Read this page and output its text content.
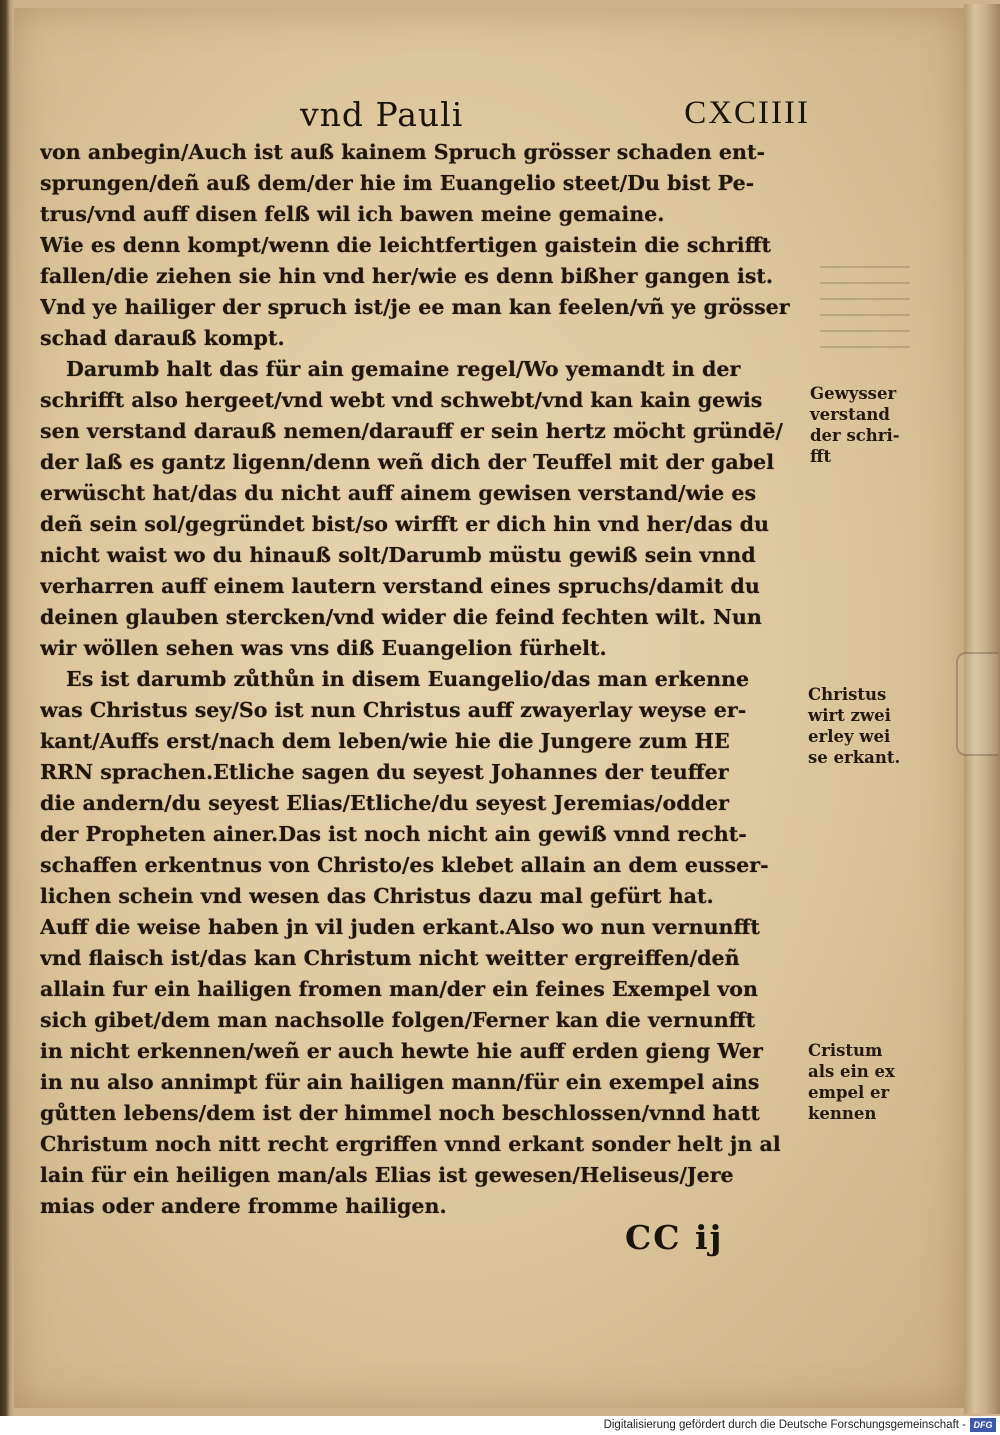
vnd Pauli	CXCIIII
von anbegin/Auch ist auß kainem Spruch grösser schaden ent-
sprungen/deñ auß dem/der hie im Euangelio steet/Du bist Pe-
trus/vnd auff disen felß wil ich bawen meine gemaine.
Wie es denn kompt/wenn die leichtfertigen gaistein die schrifft
fallen/die ziehen sie hin vnd her/wie es denn bißher gangen ist.
Vnd ye hailiger der spruch ist/je ee man kan feelen/vñ ye grösser
schad darauß kompt.
Darumb halt das für ain gemaine regel/Wo yemandt in der
schrifft also hergeet/vnd webt vnd schwebt/vnd kan kain gewis
sen verstand darauß nemen/darauff er sein hertz möcht gründē/
der laß es gantz ligenn/denn weñ dich der Teuffel mit der gabel
erwüscht hat/das du nicht auff ainem gewisen verstand/wie es
deñ sein sol/gegründet bist/so wirfft er dich hin vnd her/das du
nicht waist wo du hinauß solt/Darumb müstu gewiß sein vnnd
verharren auff einem lautern verstand eines spruchs/damit du
deinen glauben stercken/vnd wider die feind fechten wilt. Nun
wir wöllen sehen was vns diß Euangelion fürhelt.
Es ist darumb zůthůn in disem Euangelio/das man erkenne
was Christus sey/So ist nun Christus auff zwayerlay weyse er-
kant/Auffs erst/nach dem leben/wie hie die Jungere zum HE
RRN sprachen.Etliche sagen du seyest Johannes der teuffer
die andern/du seyest Elias/Etliche/du seyest Jeremias/odder
der Propheten ainer.Das ist noch nicht ain gewiß vnnd recht-
schaffen erkentnus von Christo/es klebet allain an dem eusser-
lichen schein vnd wesen das Christus dazu mal gefürt hat.
Auff die weise haben jn vil juden erkant.Also wo nun vernunfft
vnd flaisch ist/das kan Christum nicht weitter ergreiffen/deñ
allain fur ein hailigen fromen man/der ein feines Exempel von
sich gibet/dem man nachsolle folgen/Ferner kan die vernunfft
in nicht erkennen/weñ er auch hewte hie auff erden gieng Wer
in nu also annimpt für ain hailigen mann/für ein exempel ains
gůtten lebens/dem ist der himmel noch beschlossen/vnnd hatt
Christum noch nitt recht ergriffen vnnd erkant sonder helt jn al
lain für ein heiligen man/als Elias ist gewesen/Heliseus/Jere
mias oder andere fromme hailigen.
Gewysser
verstand
der schri-
fft
Christus
wirt zwei
erley wei
se erkant.
Cristum
als ein ex
empel er
kennen
CC ij
Digitalisierung gefördert durch die Deutsche Forschungsgemeinschaft - DFG
